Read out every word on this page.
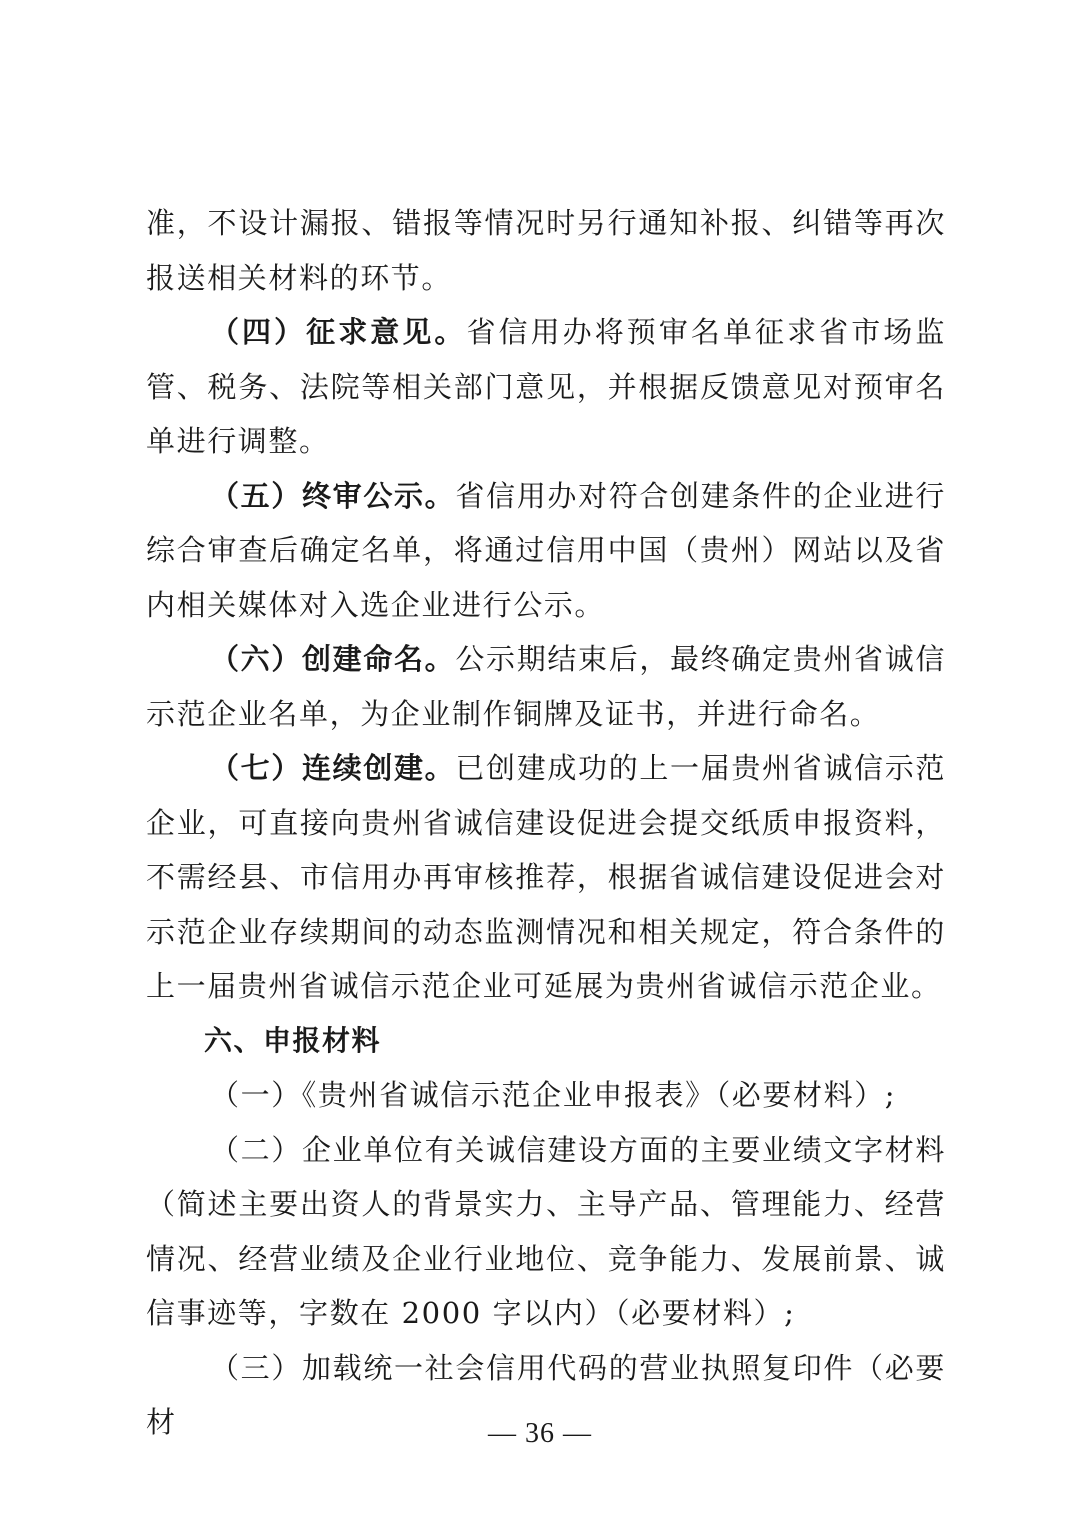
准，不设计漏报、错报等情况时另行通知补报、纠错等再次报送相关材料的环节。

（四）征求意见。省信用办将预审名单征求省市场监管、税务、法院等相关部门意见，并根据反馈意见对预审名单进行调整。

（五）终审公示。省信用办对符合创建条件的企业进行综合审查后确定名单，将通过信用中国（贵州）网站以及省内相关媒体对入选企业进行公示。

（六）创建命名。公示期结束后，最终确定贵州省诚信示范企业名单，为企业制作铜牌及证书，并进行命名。

（七）连续创建。已创建成功的上一届贵州省诚信示范企业，可直接向贵州省诚信建设促进会提交纸质申报资料，不需经县、市信用办再审核推荐，根据省诚信建设促进会对示范企业存续期间的动态监测情况和相关规定，符合条件的上一届贵州省诚信示范企业可延展为贵州省诚信示范企业。

六、申报材料

（一）《贵州省诚信示范企业申报表》（必要材料）;

（二）企业单位有关诚信建设方面的主要业绩文字材料（简述主要出资人的背景实力、主导产品、管理能力、经营情况、经营业绩及企业行业地位、竞争能力、发展前景、诚信事迹等，字数在 2000 字以内）（必要材料）;

（三）加载统一社会信用代码的营业执照复印件（必要材	— 36 —
